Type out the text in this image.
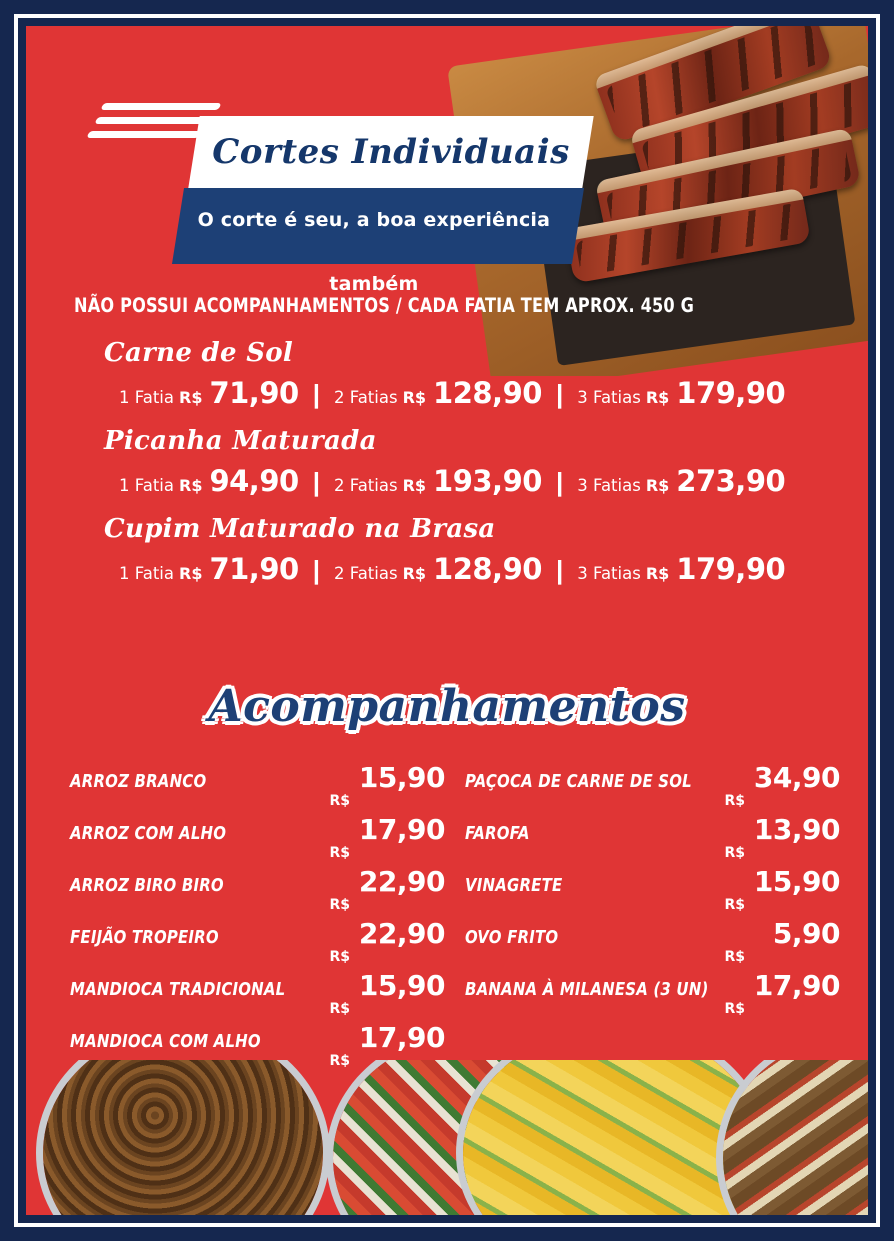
O corte é seu, a boa experiência também
Cortes Individuais
NÃO POSSUI ACOMPANHAMENTOS / CADA FATIA TEM APROX. 450 G
Carne de Sol
1 Fatia R$ 71,90 | 2 Fatias R$ 128,90 | 3 Fatias R$ 179,90
Picanha Maturada
1 Fatia R$ 94,90 | 2 Fatias R$ 193,90 | 3 Fatias R$ 273,90
Cupim Maturado na Brasa
1 Fatia R$ 71,90 | 2 Fatias R$ 128,90 | 3 Fatias R$ 179,90
Acompanhamentos
ARROZ BRANCO
R$
15,90
ARROZ COM ALHO
R$
17,90
ARROZ BIRO BIRO
R$
22,90
FEIJÃO TROPEIRO
R$
22,90
MANDIOCA TRADICIONAL
R$
15,90
MANDIOCA COM ALHO
R$
17,90
PAÇOCA DE CARNE DE SOL
R$
34,90
FAROFA
R$
13,90
VINAGRETE
R$
15,90
OVO FRITO
R$
5,90
BANANA À MILANESA (3 UN)
R$
17,90
